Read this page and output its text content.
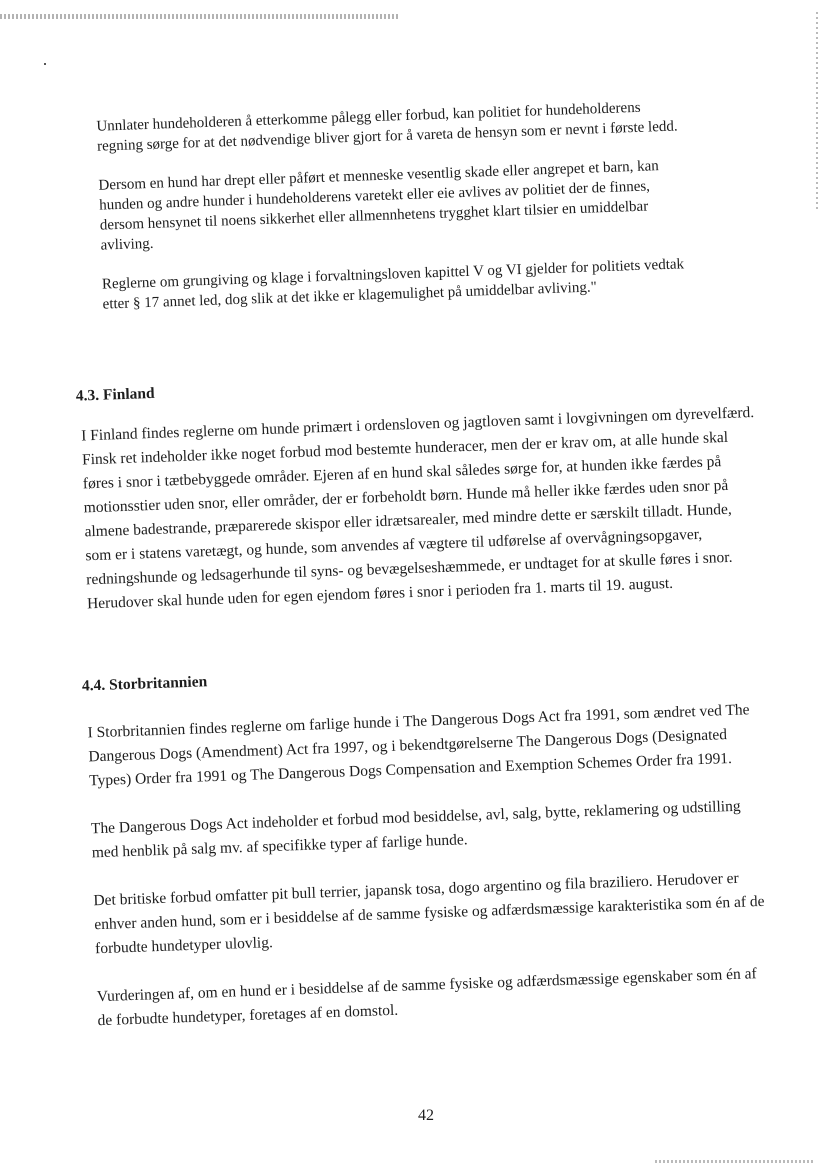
Unnlater hundeholderen å etterkomme pålegg eller forbud, kan politiet for hundeholderens regning sørge for at det nødvendige bliver gjort for å vareta de hensyn som er nevnt i første ledd.

Dersom en hund har drept eller påført et menneske vesentlig skade eller angrepet et barn, kan hunden og andre hunder i hundeholderens varetekt eller eie avlives av politiet der de finnes, dersom hensynet til noens sikkerhet eller allmennhetens trygghet klart tilsier en umiddelbar avliving.

Reglerne om grungiving og klage i forvaltningsloven kapittel V og VI gjelder for politiets vedtak etter § 17 annet led, dog slik at det ikke er klagemulighet på umiddelbar avliving."

4.3. Finland

I Finland findes reglerne om hunde primært i ordensloven og jagtloven samt i lovgivningen om dyrevelfærd. Finsk ret indeholder ikke noget forbud mod bestemte hunderacer, men der er krav om, at alle hunde skal føres i snor i tætbebyggede områder. Ejeren af en hund skal således sørge for, at hunden ikke færdes på motionsstier uden snor, eller områder, der er forbeholdt børn. Hunde må heller ikke færdes uden snor på almene badestrande, præparerede skispor eller idrætsarealer, med mindre dette er særskilt tilladt. Hunde, som er i statens varetægt, og hunde, som anvendes af vægtere til udførelse af overvågningsopgaver, redningshunde og ledsagerhunde til syns- og bevægelseshæmmede, er undtaget for at skulle føres i snor. Herudover skal hunde uden for egen ejendom føres i snor i perioden fra 1. marts til 19. august.

4.4. Storbritannien

I Storbritannien findes reglerne om farlige hunde i The Dangerous Dogs Act fra 1991, som ændret ved The Dangerous Dogs (Amendment) Act fra 1997, og i bekendtgørelserne The Dangerous Dogs (Designated Types) Order fra 1991 og The Dangerous Dogs Compensation and Exemption Schemes Order fra 1991.

The Dangerous Dogs Act indeholder et forbud mod besiddelse, avl, salg, bytte, reklamering og udstilling med henblik på salg mv. af specifikke typer af farlige hunde.

Det britiske forbud omfatter pit bull terrier, japansk tosa, dogo argentino og fila braziliero. Herudover er enhver anden hund, som er i besiddelse af de samme fysiske og adfærdsmæssige karakteristika som én af de forbudte hundetyper ulovlig.

Vurderingen af, om en hund er i besiddelse af de samme fysiske og adfærdsmæssige egenskaber som én af de forbudte hundetyper, foretages af en domstol.

42
